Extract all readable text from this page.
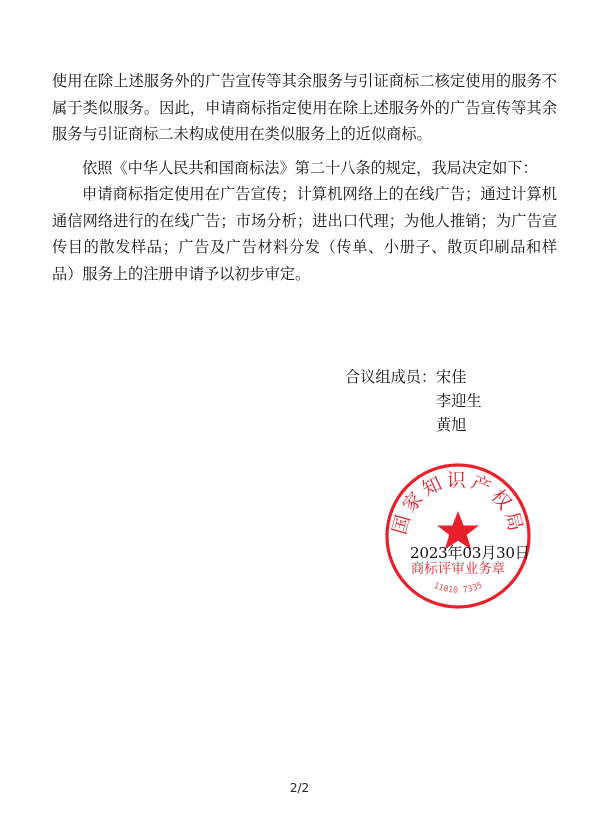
使用在除上述服务外的广告宣传等其余服务与引证商标二核定使用的服务不属于类似服务。因此，申请商标指定使用在除上述服务外的广告宣传等其余服务与引证商标二未构成使用在类似服务上的近似商标。

依照《中华人民共和国商标法》第二十八条的规定，我局决定如下：

申请商标指定使用在广告宣传；计算机网络上的在线广告；通过计算机通信网络进行的在线广告；市场分析；进出口代理；为他人推销；为广告宣传目的散发样品；广告及广告材料分发（传单、小册子、散页印刷品和样品）服务上的注册申请予以初步审定。

合议组成员： 宋佳
李迎生
黄旭
国家知识产权局
商标评审业务章
11010 7335
2023年03月30日
2/2
